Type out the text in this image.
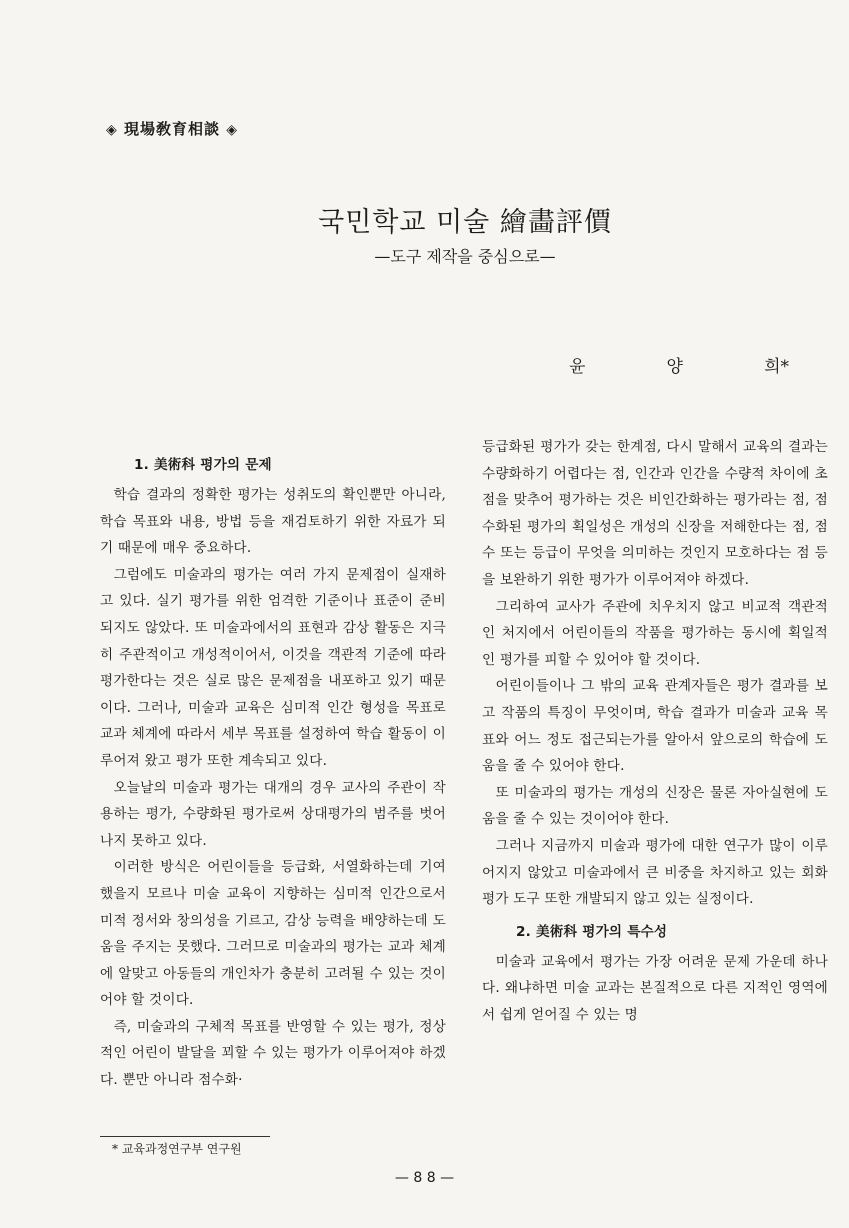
◈ 現場敎育相談 ◈
국민학교 미술 繪畵評價
—도구 제작을 중심으로—
윤	양	희*
1. 美術科 평가의 문제

학습 결과의 정확한 평가는 성취도의 확인뿐만 아니라, 학습 목표와 내용, 방법 등을 재검토하기 위한 자료가 되기 때문에 매우 중요하다.

그럼에도 미술과의 평가는 여러 가지 문제점이 실재하고 있다. 실기 평가를 위한 엄격한 기준이나 표준이 준비되지도 않았다. 또 미술과에서의 표현과 감상 활동은 지극히 주관적이고 개성적이어서, 이것을 객관적 기준에 따라 평가한다는 것은 실로 많은 문제점을 내포하고 있기 때문이다. 그러나, 미술과 교육은 심미적 인간 형성을 목표로 교과 체계에 따라서 세부 목표를 설정하여 학습 활동이 이루어져 왔고 평가 또한 계속되고 있다.

오늘날의 미술과 평가는 대개의 경우 교사의 주관이 작용하는 평가, 수량화된 평가로써 상대평가의 범주를 벗어나지 못하고 있다.

이러한 방식은 어린이들을 등급화, 서열화하는데 기여했을지 모르나 미술 교육이 지향하는 심미적 인간으로서 미적 정서와 창의성을 기르고, 감상 능력을 배양하는데 도움을 주지는 못했다. 그러므로 미술과의 평가는 교과 체계에 알맞고 아동들의 개인차가 충분히 고려될 수 있는 것이어야 할 것이다.

즉, 미술과의 구체적 목표를 반영할 수 있는 평가, 정상적인 어린이 발달을 꾀할 수 있는 평가가 이루어져야 하겠다. 뿐만 아니라 점수화·

등급화된 평가가 갖는 한계점, 다시 말해서 교육의 결과는 수량화하기 어렵다는 점, 인간과 인간을 수량적 차이에 초점을 맞추어 평가하는 것은 비인간화하는 평가라는 점, 점수화된 평가의 획일성은 개성의 신장을 저해한다는 점, 점수 또는 등급이 무엇을 의미하는 것인지 모호하다는 점 등을 보완하기 위한 평가가 이루어져야 하겠다.

그리하여 교사가 주관에 치우치지 않고 비교적 객관적인 처지에서 어린이들의 작품을 평가하는 동시에 획일적인 평가를 피할 수 있어야 할 것이다.

어린이들이나 그 밖의 교육 관계자들은 평가 결과를 보고 작품의 특징이 무엇이며, 학습 결과가 미술과 교육 목표와 어느 정도 접근되는가를 알아서 앞으로의 학습에 도움을 줄 수 있어야 한다.

또 미술과의 평가는 개성의 신장은 물론 자아실현에 도움을 줄 수 있는 것이어야 한다.

그러나 지금까지 미술과 평가에 대한 연구가 많이 이루어지지 않았고 미술과에서 큰 비중을 차지하고 있는 회화 평가 도구 또한 개발되지 않고 있는 실정이다.

2. 美術科 평가의 특수성

미술과 교육에서 평가는 가장 어려운 문제 가운데 하나다. 왜냐하면 미술 교과는 본질적으로 다른 지적인 영역에서 쉽게 얻어질 수 있는 명

* 교육과정연구부 연구원
— 8 8 —
